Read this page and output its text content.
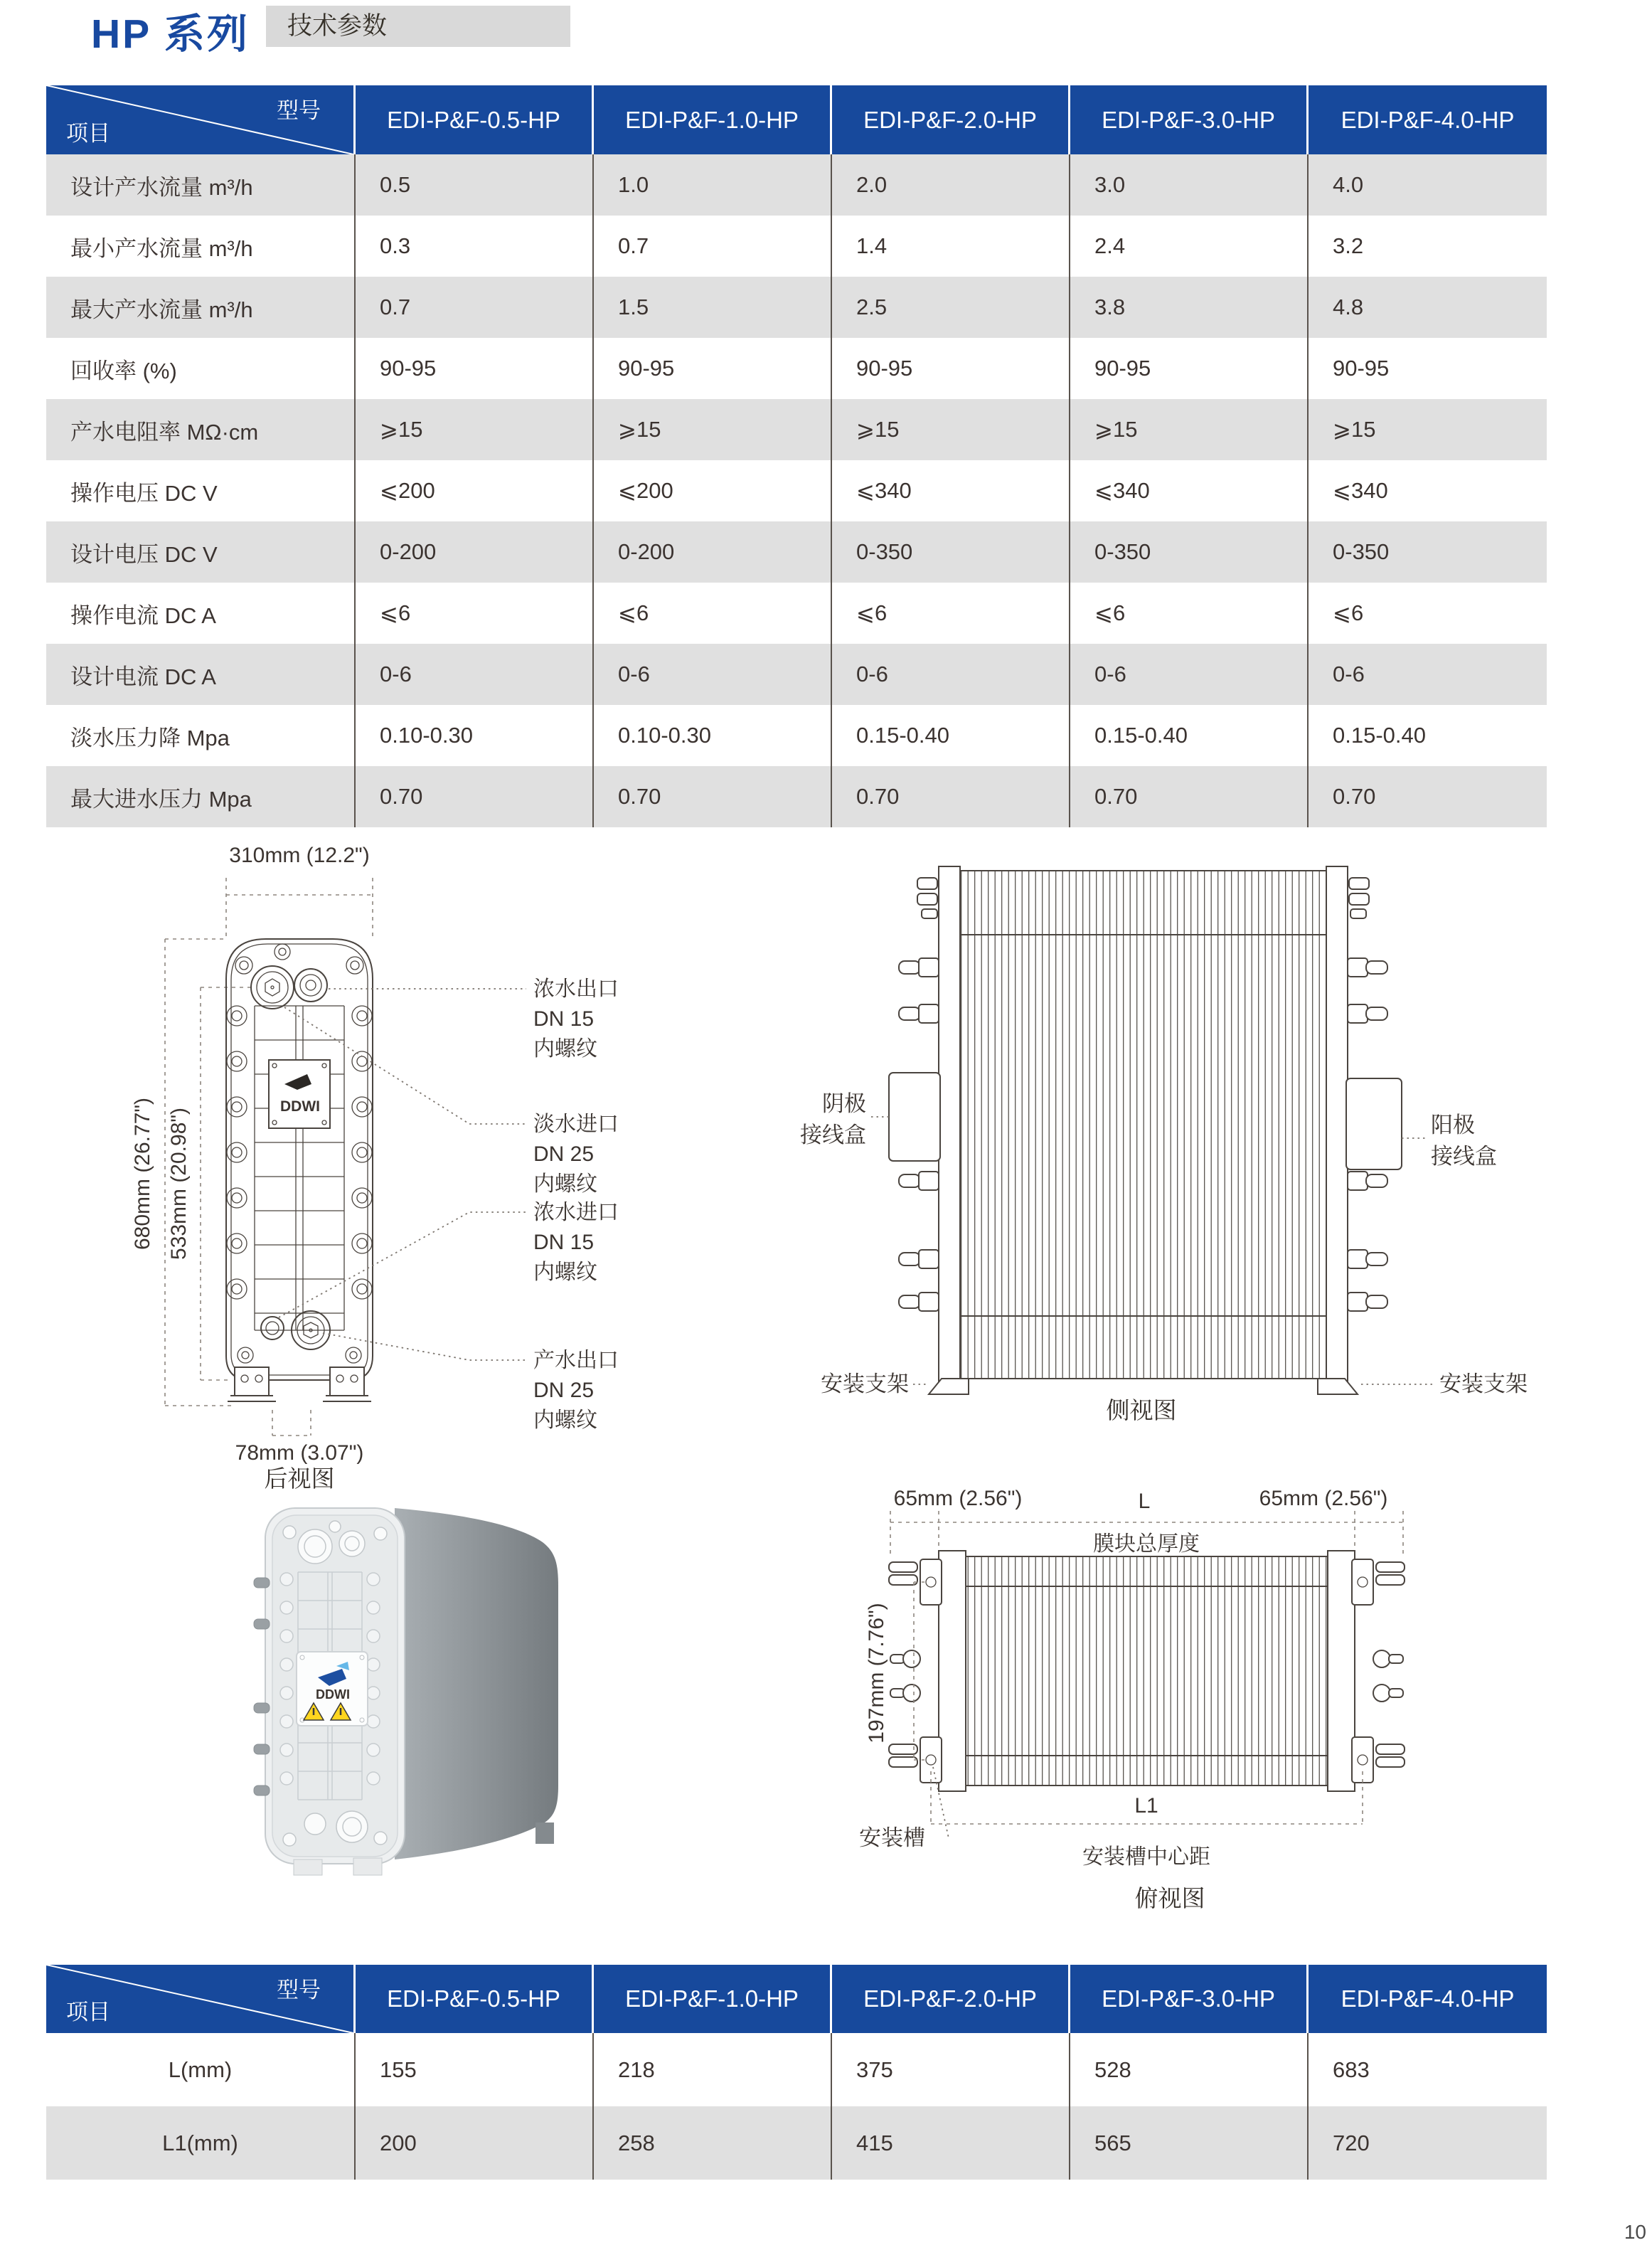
HP 系列	技术参数
型号
项目
EDI-P&F-0.5-HP	EDI-P&F-1.0-HP	EDI-P&F-2.0-HP	EDI-P&F-3.0-HP	EDI-P&F-4.0-HP
设计产水流量 m³/h	0.5	1.0	2.0	3.0	4.0
最小产水流量 m³/h	0.3	0.7	1.4	2.4	3.2
最大产水流量 m³/h	0.7	1.5	2.5	3.8	4.8
回收率 (%)	90-95	90-95	90-95	90-95	90-95
产水电阻率 MΩ·cm	⩾15	⩾15	⩾15	⩾15	⩾15
操作电压 DC V	⩽200	⩽200	⩽340	⩽340	⩽340
设计电压 DC V	0-200	0-200	0-350	0-350	0-350
操作电流 DC A	⩽6	⩽6	⩽6	⩽6	⩽6
设计电流 DC A	0-6	0-6	0-6	0-6	0-6
淡水压力降 Mpa	0.10-0.30	0.10-0.30	0.15-0.40	0.15-0.40	0.15-0.40
最大进水压力 Mpa	0.70	0.70	0.70	0.70	0.70
310mm (12.2")
680mm (26.77") 533mm (20.98")
DDWI
78mm (3.07")
浓水出口
DN 15
内螺纹
淡水进口
DN 25
内螺纹
浓水进口
DN 15
内螺纹
产水出口
DN 25
内螺纹
后视图
阴极
接线盒	阳极
接线盒
安装支架	安装支架
侧视图
DDWI
65mm (2.56")	L	65mm (2.56")
膜块总厚度
197mm (7.76")
安装槽
L1
安装槽中心距
俯视图
型号
项目
EDI-P&F-0.5-HP	EDI-P&F-1.0-HP	EDI-P&F-2.0-HP	EDI-P&F-3.0-HP	EDI-P&F-4.0-HP
L(mm)	155	218	375	528	683
L1(mm)	200	258	415	565	720
10
